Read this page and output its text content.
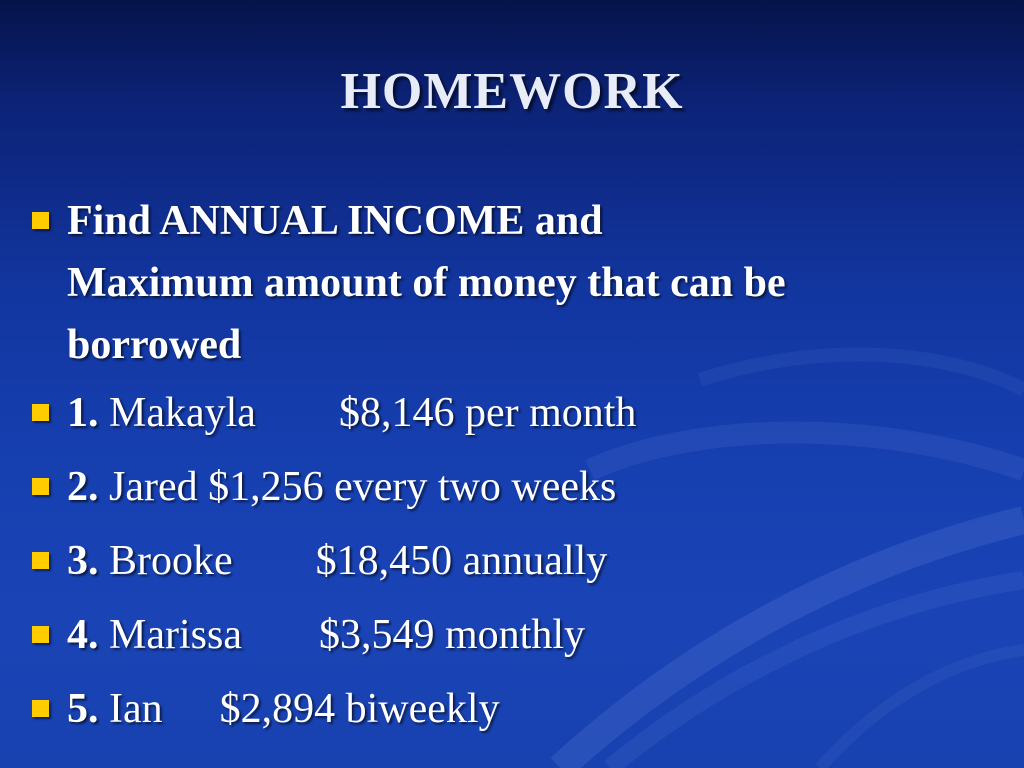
HOMEWORK
Find ANNUAL INCOME and
Maximum amount of money that can be
borrowed
1. Makayla $8,146 per month
2. Jared $1,256 every two weeks
3. Brooke $18,450 annually
4. Marissa $3,549 monthly
5. Ian $2,894 biweekly
